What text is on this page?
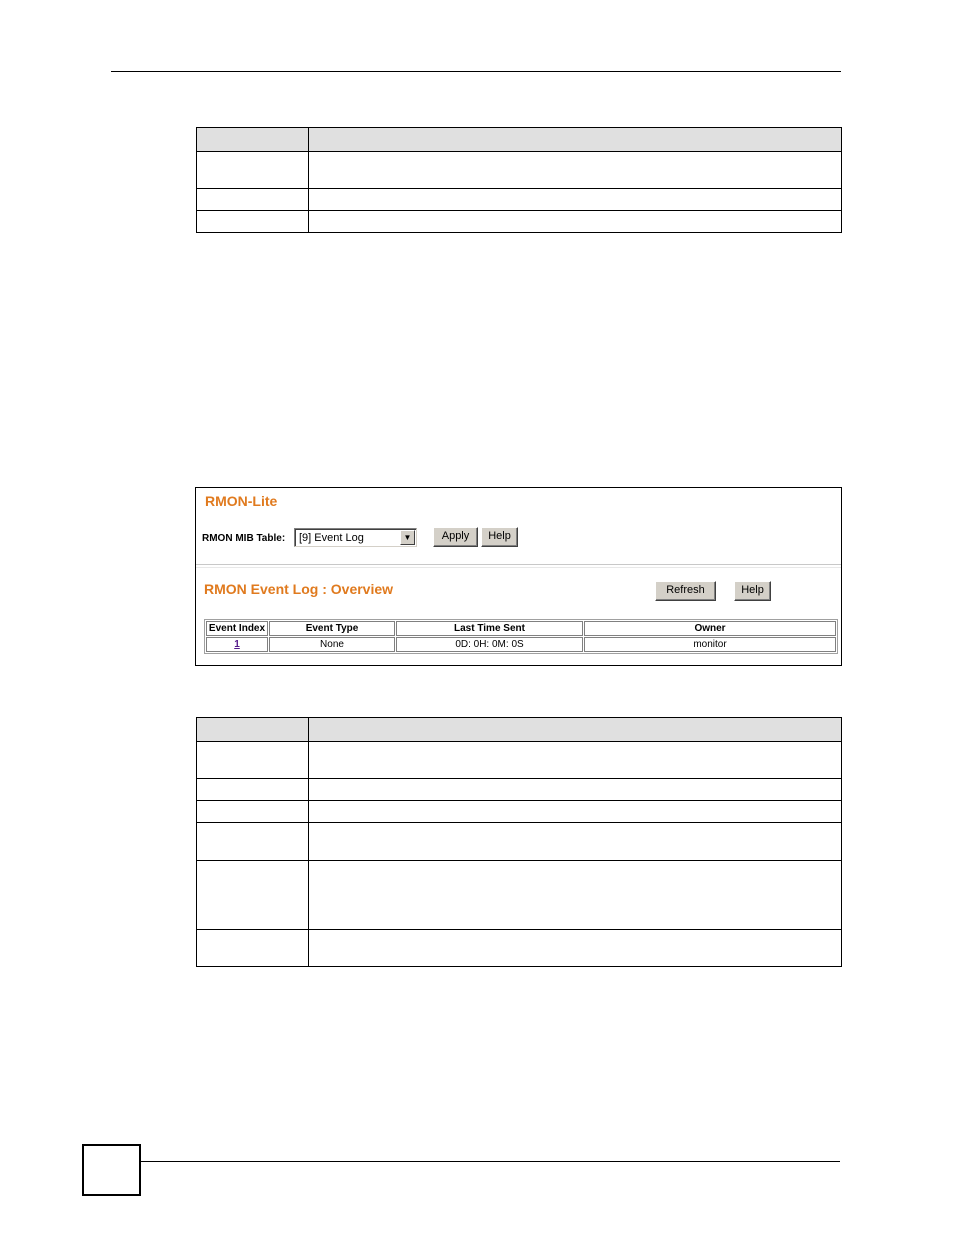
RMON-Lite
RMON MIB Table: [9] Event Log	▼	Apply	Help
RMON Event Log : Overview	Refresh	Help
Event Index	Event Type	Last Time Sent	Owner
1	None	0D: 0H: 0M: 0S	monitor
